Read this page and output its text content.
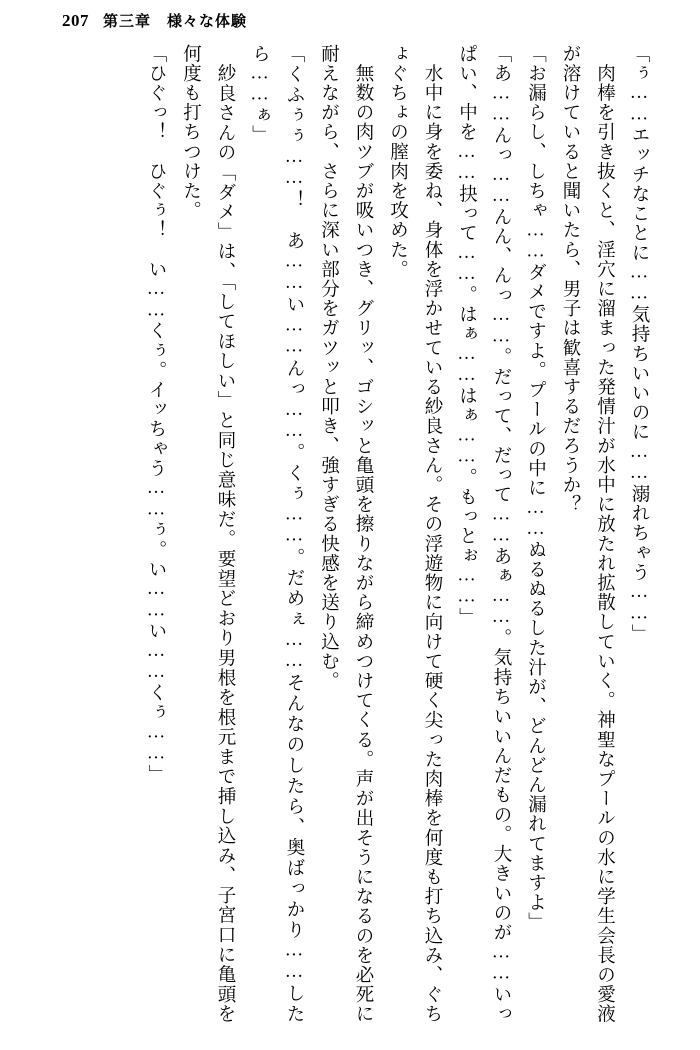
207 第三章　様々な体験

「ぅ……エッチなことに……気持ちいいのに……溺れちゃう……」

　肉棒を引き抜くと、淫穴に溜まった発情汁が水中に放たれ拡散していく。神聖なプールの水に学生会長の愛液が溶けていると聞いたら、男子は歓喜するだろうか？

「お漏らし、しちゃ……ダメですよ。プールの中に……ぬるぬるした汁が、どんどん漏れてますよ」

「あ……んっ……んん、んっ……。だって、だって……あぁ……。気持ちいいんだもの。大きいのが……いっぱい、中を……抉って……。はぁ……はぁ……。もっとぉ……」

　水中に身を委ね、身体を浮かせている紗良さん。その浮遊物に向けて硬く尖った肉棒を何度も打ち込み、ぐちょぐちょの膣肉を攻めた。

　無数の肉ツブが吸いつき、グリッ、ゴシッと亀頭を擦りながら締めつけてくる。声が出そうになるのを必死に耐えながら、さらに深い部分をガツッと叩き、強すぎる快感を送り込む。

「くふぅぅ……！　あ……い……んっ……。くぅ……。だめぇ……そんなのしたら、奥ばっかり……したら……ぁ」

　紗良さんの「ダメ」は、「してほしい」と同じ意味だ。要望どおり男根を根元まで挿し込み、子宮口に亀頭を何度も打ちつけた。

「ひぐっ！　ひぐぅ！　い……くぅ。イッちゃう……ぅ。い……い……くぅ……」
